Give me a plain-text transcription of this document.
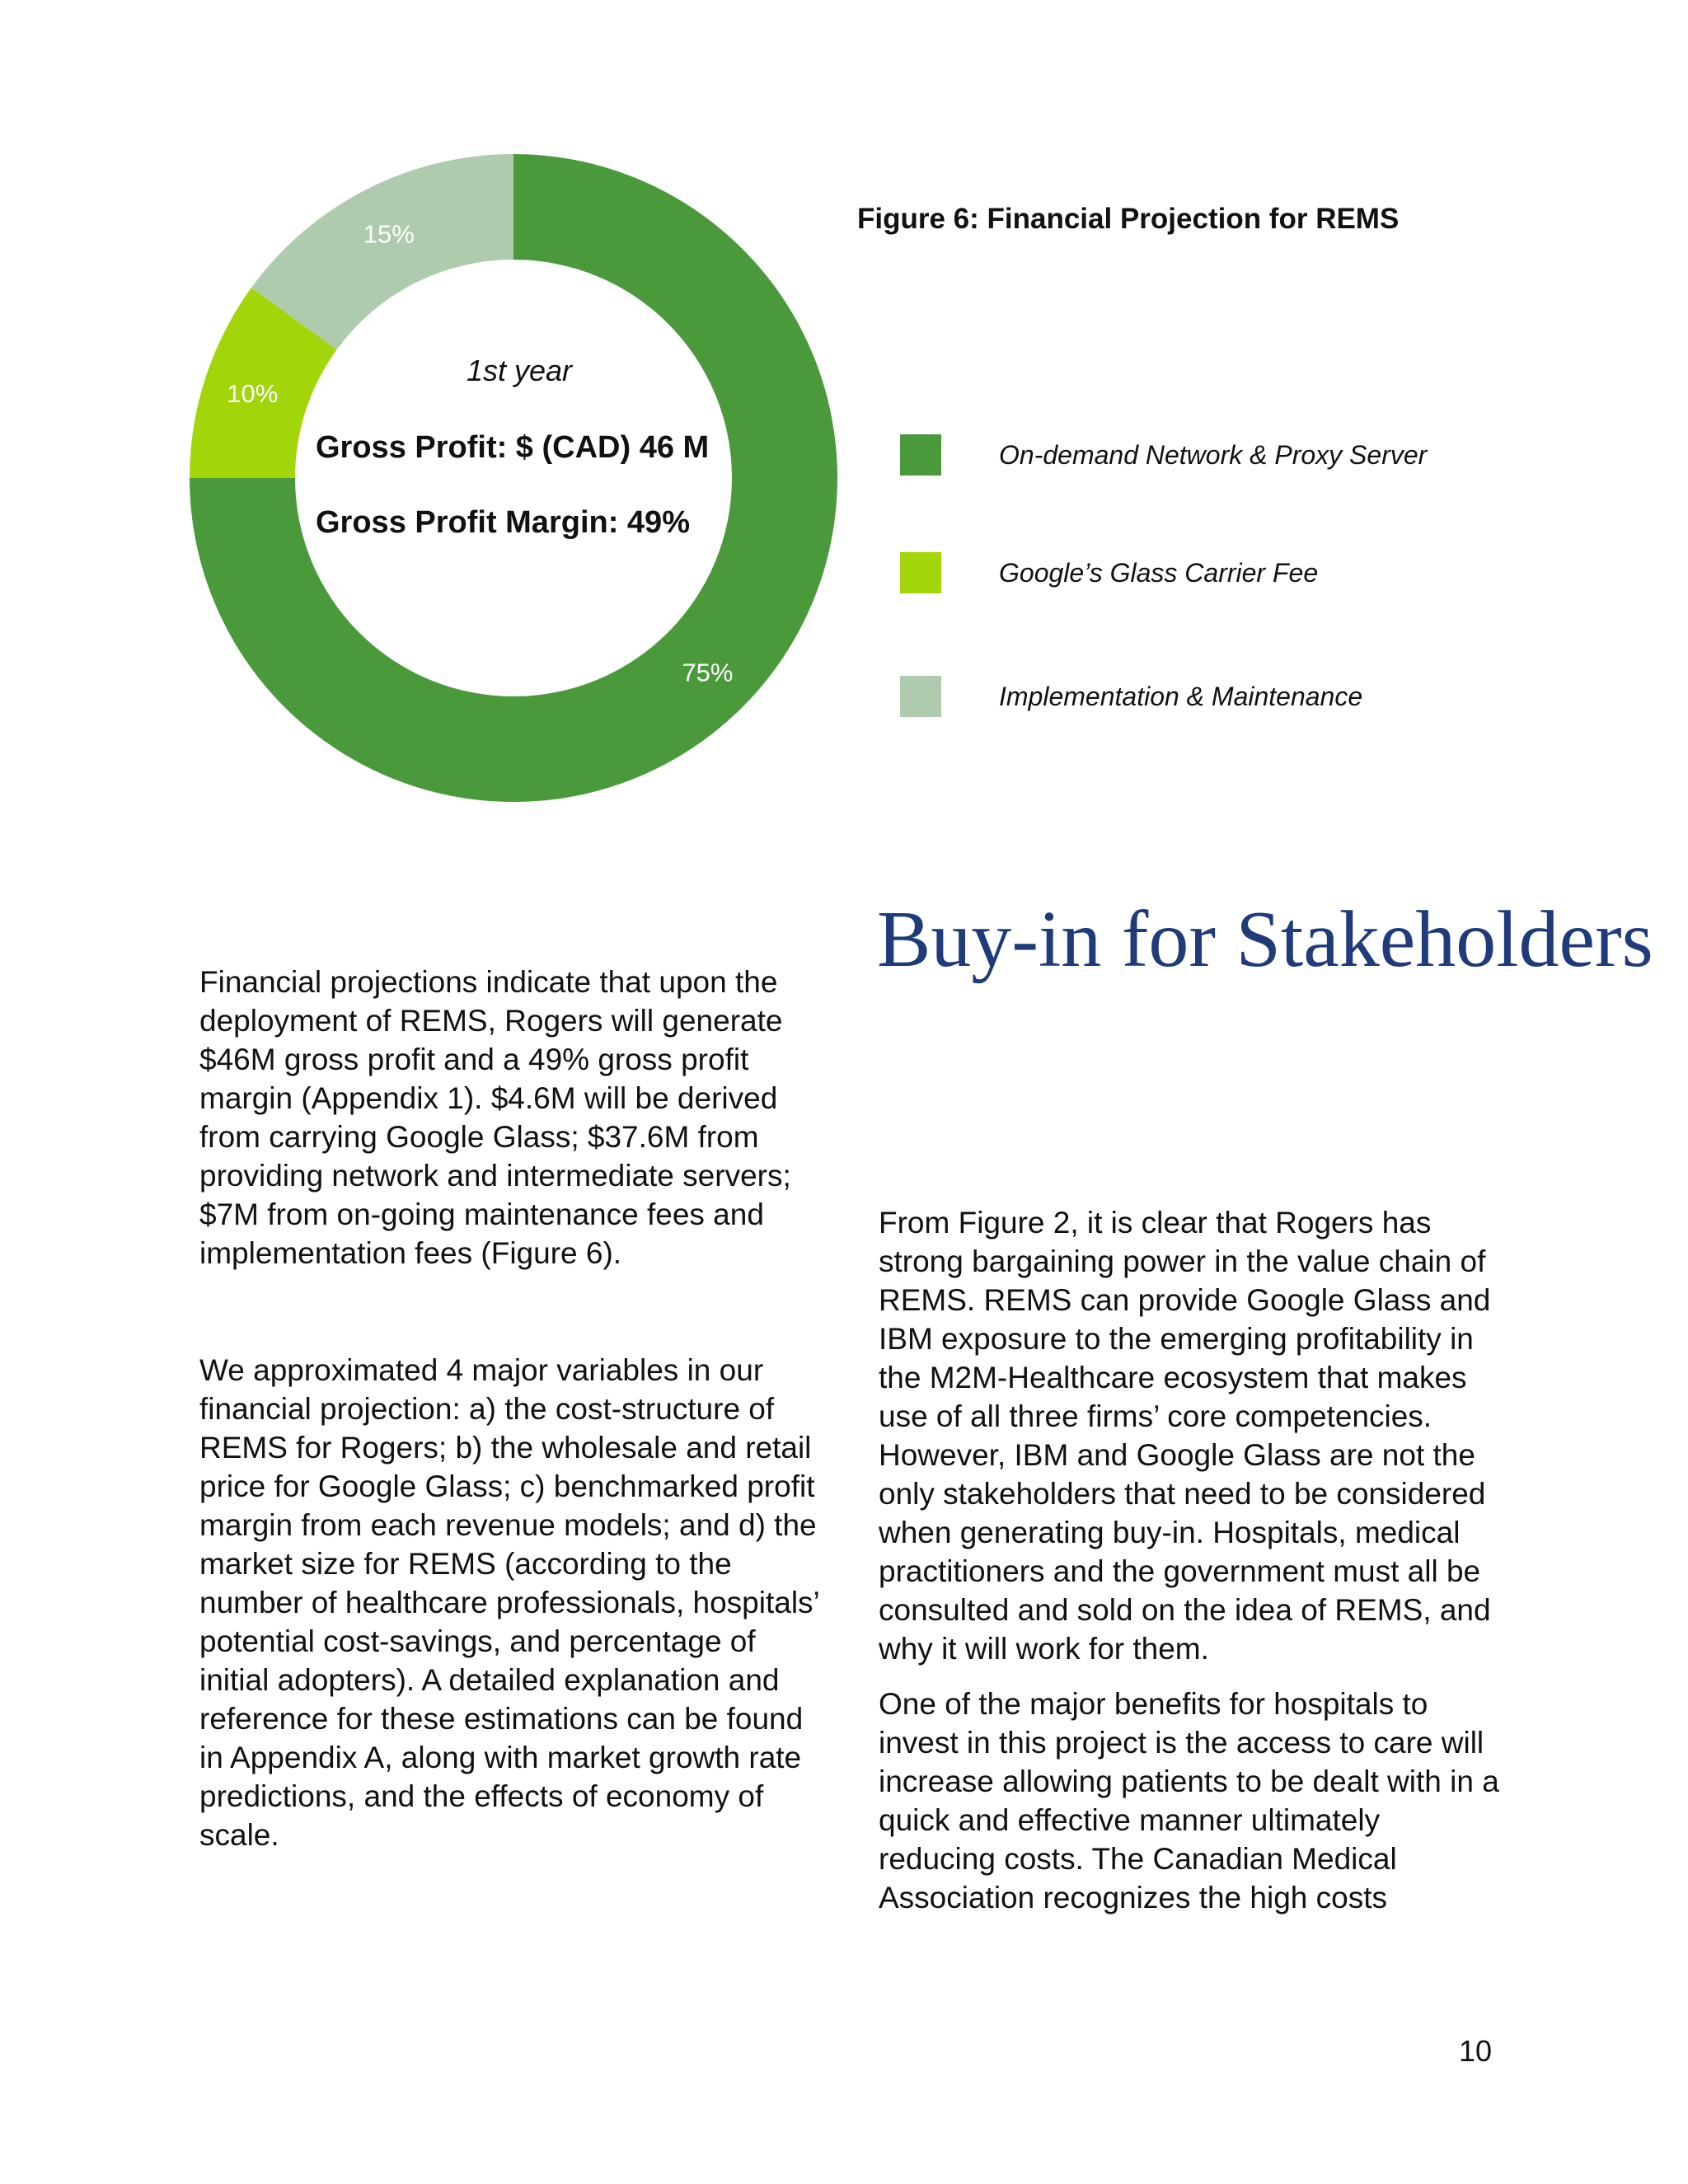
75%
10%
15%
1st year
Gross Profit: $ (CAD) 46 M
Gross Profit Margin: 49%
Figure 6: Financial Projection for REMS
On-demand Network & Proxy Server
Google’s Glass Carrier Fee
Implementation & Maintenance

Financial projections indicate that upon the deployment of REMS, Rogers will generate $46M gross profit and a 49% gross profit margin (Appendix 1). $4.6M will be derived from carrying Google Glass; $37.6M from providing network and intermediate servers; $7M from on-going maintenance fees and implementation fees (Figure 6).

We approximated 4 major variables in our financial projection: a) the cost-structure of REMS for Rogers; b) the wholesale and retail price for Google Glass; c) benchmarked profit margin from each revenue models; and d) the market size for REMS (according to the number of healthcare professionals, hospitals’ potential cost-savings, and percentage of initial adopters). A detailed explanation and reference for these estimations can be found in Appendix A, along with market growth rate predictions, and the effects of economy of scale.

Buy-in for Stakeholders

From Figure 2, it is clear that Rogers has strong bargaining power in the value chain of REMS. REMS can provide Google Glass and IBM exposure to the emerging profitability in the M2M-Healthcare ecosystem that makes use of all three firms’ core competencies. However, IBM and Google Glass are not the only stakeholders that need to be considered when generating buy-in. Hospitals, medical practitioners and the government must all be consulted and sold on the idea of REMS, and why it will work for them.

One of the major benefits for hospitals to invest in this project is the access to care will increase allowing patients to be dealt with in a quick and effective manner ultimately reducing costs. The Canadian Medical Association recognizes the high costs

10
